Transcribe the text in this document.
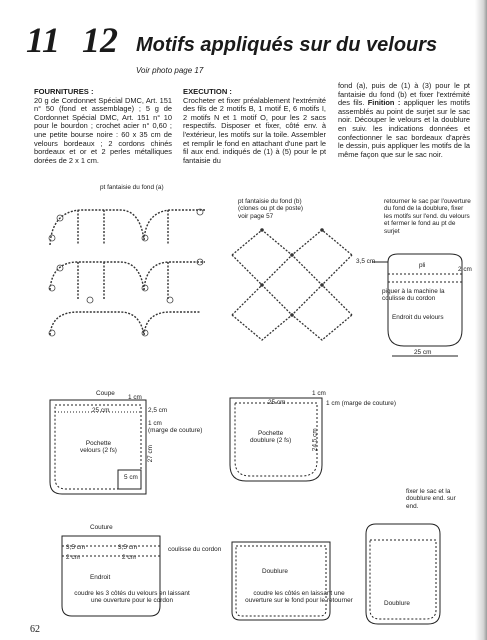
11 12 Motifs appliqués sur du velours
Voir photo page 17
FOURNITURES :
20 g de Cordonnet Spécial DMC, Art. 151 n° 50 (fond et assemblage) ; 5 g de Cordonnet Spécial DMC, Art. 151 n° 10 pour le bourdon ; crochet acier n° 0,60 ; une petite bourse noire : 60 x 35 cm de velours bordeaux ; 2 cordons chinés bordeaux et or et 2 perles métalliques dorées de 2 x 1 cm.
EXECUTION :
Crocheter et fixer préalablement l'extrémité des fils de 2 motifs B, 1 motif E, 6 motifs I, 2 motifs N et 1 motif O, pour les 2 sacs respectifs. Disposer et fixer, côté env. à l'extérieur, les motifs sur la toile. Assembler et remplir le fond en attachant d'une part le fil aux end. indiqués de (1) à (5) pour le pt fantaisie du
fond (a), puis de (1) à (3) pour le pt fantaisie du fond (b) et fixer l'extrémité des fils. Finition : appliquer les motifs assemblés au point de surjet sur le sac noir. Découper le velours et la doublure en suiv. les indications données et confectionner le sac bordeaux d'après le dessin, puis appliquer les motifs de la même façon que sur le sac noir.
pt fantaisie du fond (a)
pt fantaisie du fond (b)
(clones ou pt de poste)
voir page 57
retourner le sac par l'ouverture du fond de la doublure, fixer les motifs sur l'end. du velours et fermer le fond au pt de surjet
pli
3,5 cm
2 cm
piquer à la machine la coulisse du cordon
Endroit du velours
25 cm
Coupe
1 cm
25 cm	2,5 cm
1 cm
(marge de couture)
Pochette
velours (2 fs)	27 cm
5 cm
1 cm
25 cm	1 cm (marge de couture)
Pochette
doublure (2 fs)	24,5 cm
Couture
3,5 cm	3,5 cm
2 cm	2 cm
coulisse du cordon
Endroit
coudre les 3 côtés du velours en laissant une ouverture pour le cordon
Doublure
coudre les côtés en laissant une ouverture sur le fond pour le retourner
fixer le sac et la doublure end. sur end.
Doublure
62
